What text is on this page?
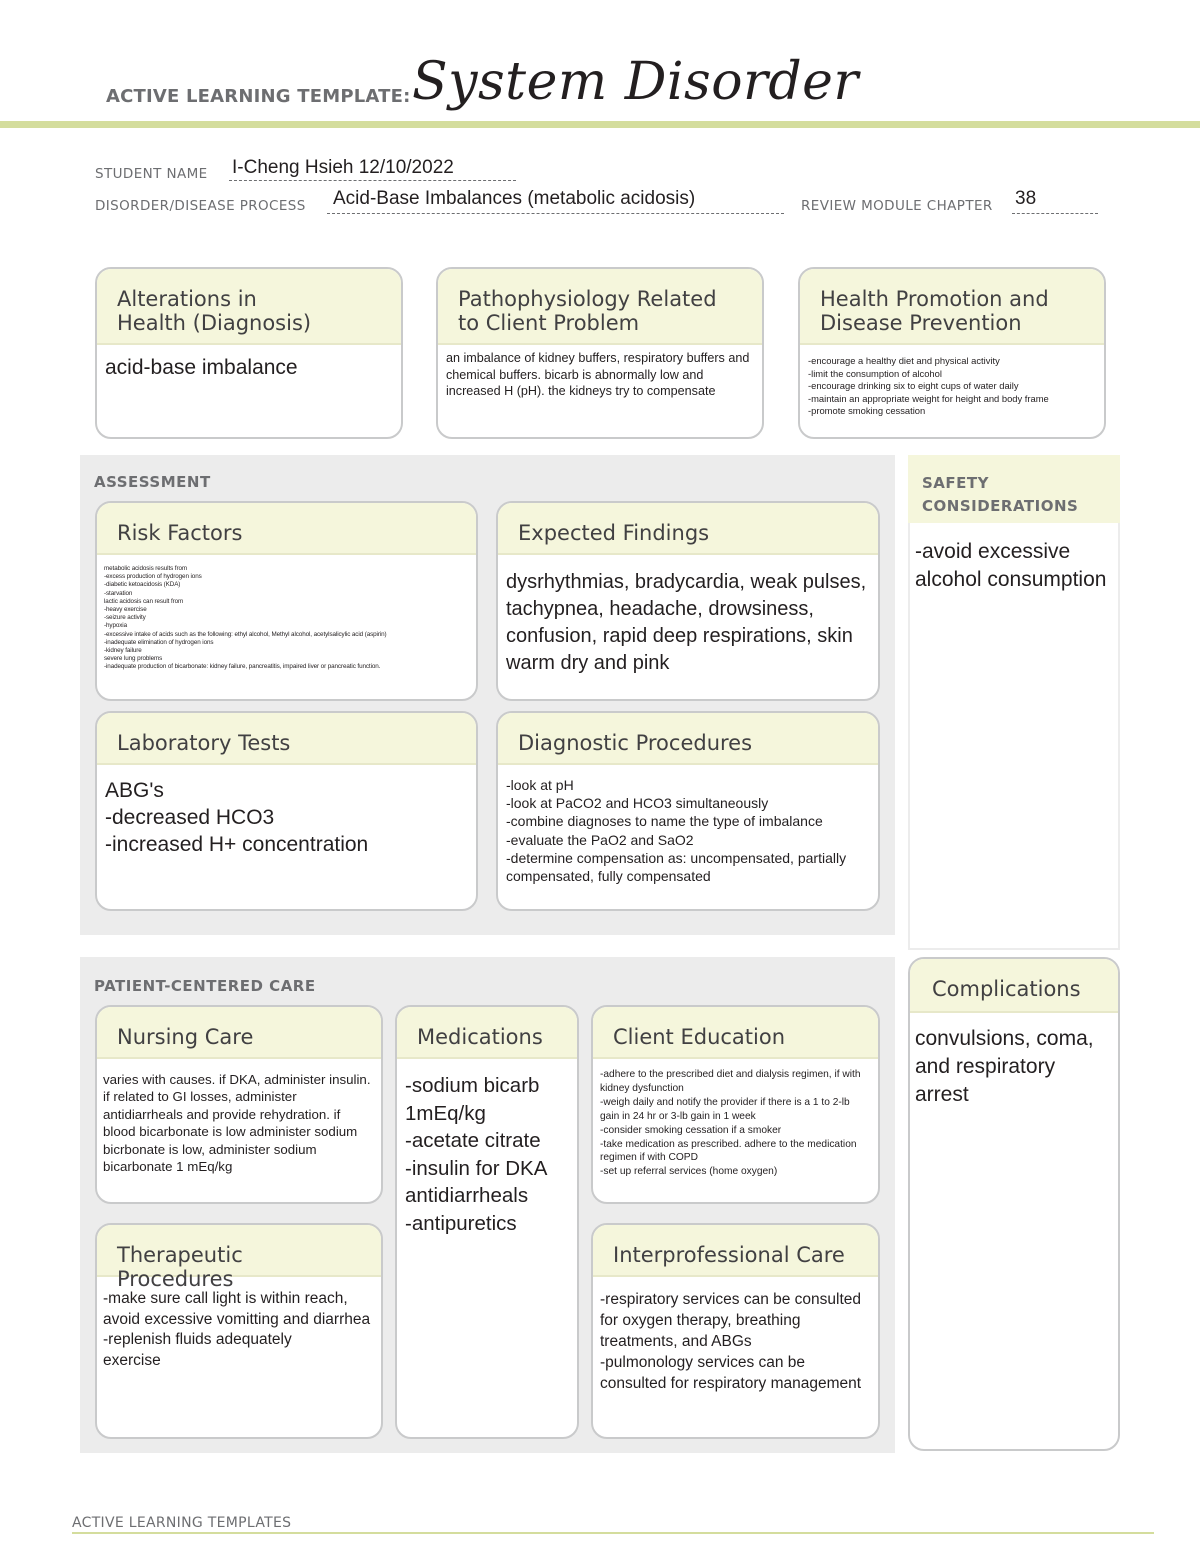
ACTIVE LEARNING TEMPLATE: System Disorder
STUDENT NAME I-Cheng Hsieh 12/10/2022
DISORDER/DISEASE PROCESS Acid-Base Imbalances (metabolic acidosis)	REVIEW MODULE CHAPTER 38
Alterations in
Health (Diagnosis)
acid-base imbalance
Pathophysiology Related
to Client Problem
an imbalance of kidney buffers, respiratory buffers and chemical buffers. bicarb is abnormally low and increased H (pH). the kidneys try to compensate
Health Promotion and
Disease Prevention
-encourage a healthy diet and physical activity
-limit the consumption of alcohol
-encourage drinking six to eight cups of water daily
-maintain an appropriate weight for height and body frame
-promote smoking cessation
ASSESSMENT
Risk Factors
metabolic acidosis results from
-excess production of hydrogen ions
-diabetic ketoacidosis (KDA)
-starvation
lactic acidosis can result from
-heavy exercise
-seizure activity
-hypoxia
-excessive intake of acids such as the following: ethyl alcohol, Methyl alcohol, acetylsalicylic acid (aspirin)
-inadequate elimination of hydrogen ions
-kidney failure
severe lung problems
-inadequate production of bicarbonate: kidney failure, pancreatitis, impaired liver or pancreatic function.
Expected Findings
dysrhythmias, bradycardia, weak pulses, tachypnea, headache, drowsiness, confusion, rapid deep respirations, skin warm dry and pink
Laboratory Tests
ABG's
-decreased HCO3
-increased H+ concentration
Diagnostic Procedures
-look at pH
-look at PaCO2 and HCO3 simultaneously
-combine diagnoses to name the type of imbalance
-evaluate the PaO2 and SaO2
-determine compensation as: uncompensated, partially compensated, fully compensated
SAFETY
CONSIDERATIONS
-avoid excessive alcohol consumption
PATIENT-CENTERED CARE
Nursing Care
varies with causes. if DKA, administer insulin. if related to GI losses, administer antidiarrheals and provide rehydration. if blood bicarbonate is low administer sodium bicrbonate is low, administer sodium bicarbonate 1 mEq/kg
Medications
-sodium bicarb 1mEq/kg
-acetate citrate
-insulin for DKA
antidiarrheals
-antipuretics
Client Education
-adhere to the prescribed diet and dialysis regimen, if with kidney dysfunction
-weigh daily and notify the provider if there is a 1 to 2-lb gain in 24 hr or 3-lb gain in 1 week
-consider smoking cessation if a smoker
-take medication as prescribed. adhere to the medication regimen if with COPD
-set up referral services (home oxygen)
Therapeutic Procedures
-make sure call light is within reach,
avoid excessive vomitting and diarrhea
-replenish fluids adequately
exercise
Interprofessional Care
-respiratory services can be consulted for oxygen therapy, breathing treatments, and ABGs
-pulmonology services can be consulted for respiratory management
Complications
convulsions, coma, and respiratory arrest
ACTIVE LEARNING TEMPLATES
